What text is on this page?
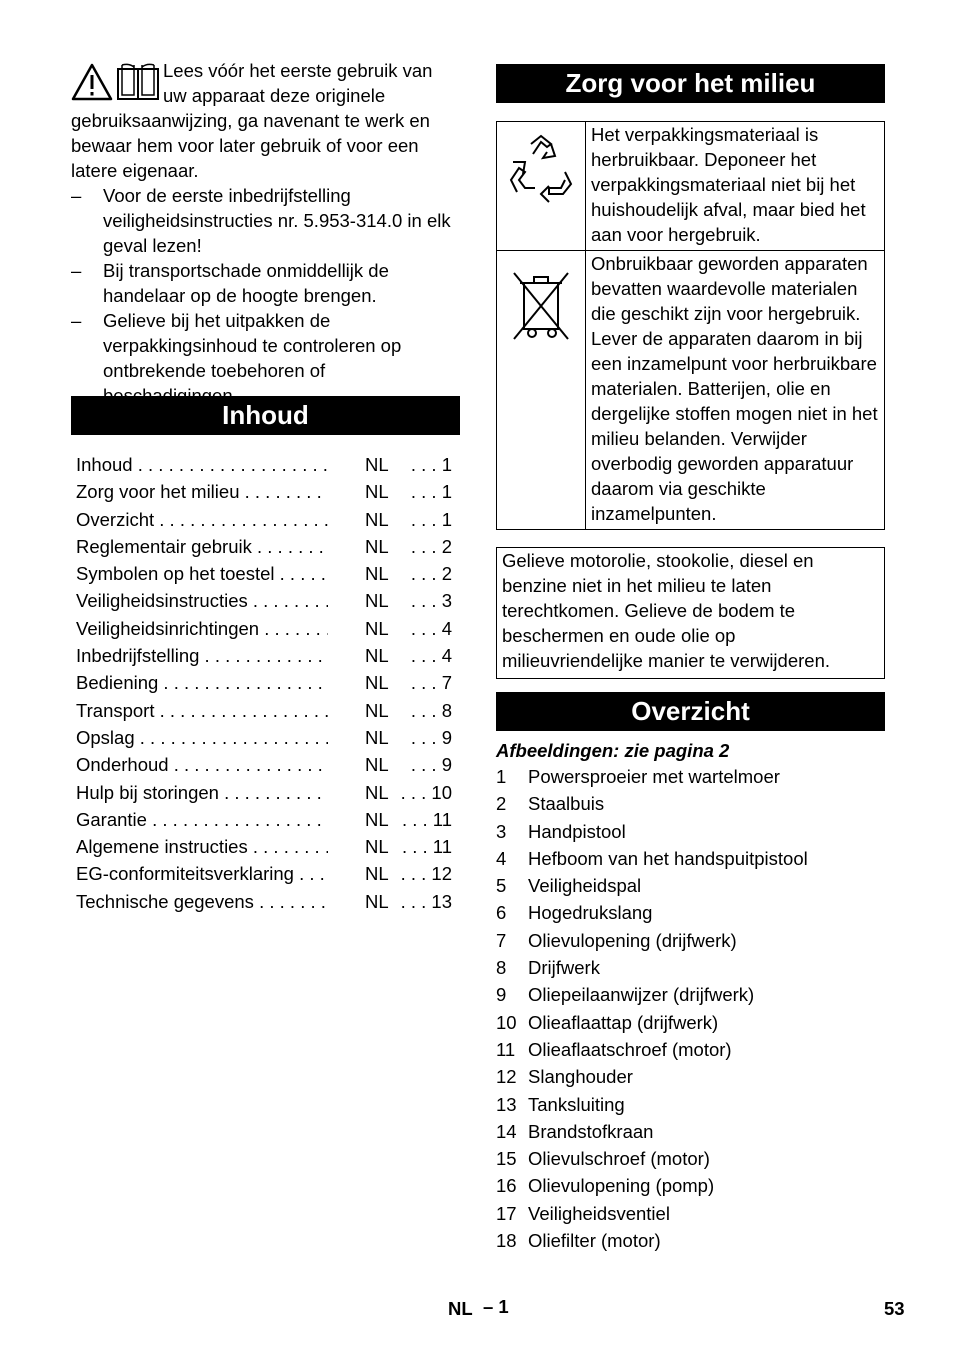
Lees vóór het eerste gebruik van uw apparaat deze originele gebruiksaanwijzing, ga navenant te werk en bewaar hem voor later gebruik of voor een latere eigenaar.

– Voor de eerste inbedrijfstelling veiligheidsinstructies nr. 5.953-314.0 in elk geval lezen!
– Bij transportschade onmiddellijk de handelaar op de hoogte brengen.
– Gelieve bij het uitpakken de verpakkingsinhoud te controleren op ontbrekende toebehoren of
Inhoud
Inhoud . . .	NL . . . 1
Zorg voor het milieu . . .	NL . . . 1
Overzicht . . .	NL . . . 1
Reglementair gebruik . . .	NL . . . 2
Symbolen op het toestel . . .	NL . . . 2
Veiligheidsinstructies . . .	NL . . . 3
Veiligheidsinrichtingen . . .	NL . . . 4
Inbedrijfstelling . . .	NL . . . 4
Bediening . . .	NL . . . 7
Transport . . .	NL . . . 8
Opslag . . .	NL . . . 9
Onderhoud . . .	NL . . . 9
Hulp bij storingen . . .	NL . . . 10
Garantie . . .	NL . . . 11
Algemene instructies . . .	NL . . . 11
EG-conformiteitsverklaring . . .	NL . . . 12
Technische gegevens . . .	NL . . . 13
Zorg voor het milieu
	Het verpakkingsmateriaal is herbruikbaar. Deponeer het verpakkingsmateriaal niet bij het huishoudelijk afval, maar bied het aan voor hergebruik.
	Onbruikbaar geworden apparaten bevatten waardevolle materialen die geschikt zijn voor hergebruik. Lever de apparaten daarom in bij een inzamelpunt voor herbruikbare materialen. Batterijen, olie en dergelijke stoffen mogen niet in het milieu belanden. Verwijder overbodig geworden apparatuur daarom via geschikte inzamelpunten.
Gelieve motorolie, stookolie, diesel en benzine niet in het milieu te laten terechtkomen. Gelieve de bodem te beschermen en oude olie op milieuvriendelijke manier te verwijderen.
Overzicht
Afbeeldingen: zie pagina 2
1 Powersproeier met wartelmoer
2 Staalbuis
3 Handpistool
4 Hefboom van het handspuitpistool
5 Veiligheidspal
6 Hogedrukslang
7 Olievulopening (drijfwerk)
8 Drijfwerk
9 Oliepeilaanwijzer (drijfwerk)
10 Olieaflaattap (drijfwerk)
11 Olieaflaatschroef (motor)
12 Slanghouder
13 Tanksluiting
14 Brandstofkraan
15 Olievulschroef (motor)
16 Olievulopening (pomp)
17 Veiligheidsventiel
18 Oliefilter (motor)
NL – 1	53
